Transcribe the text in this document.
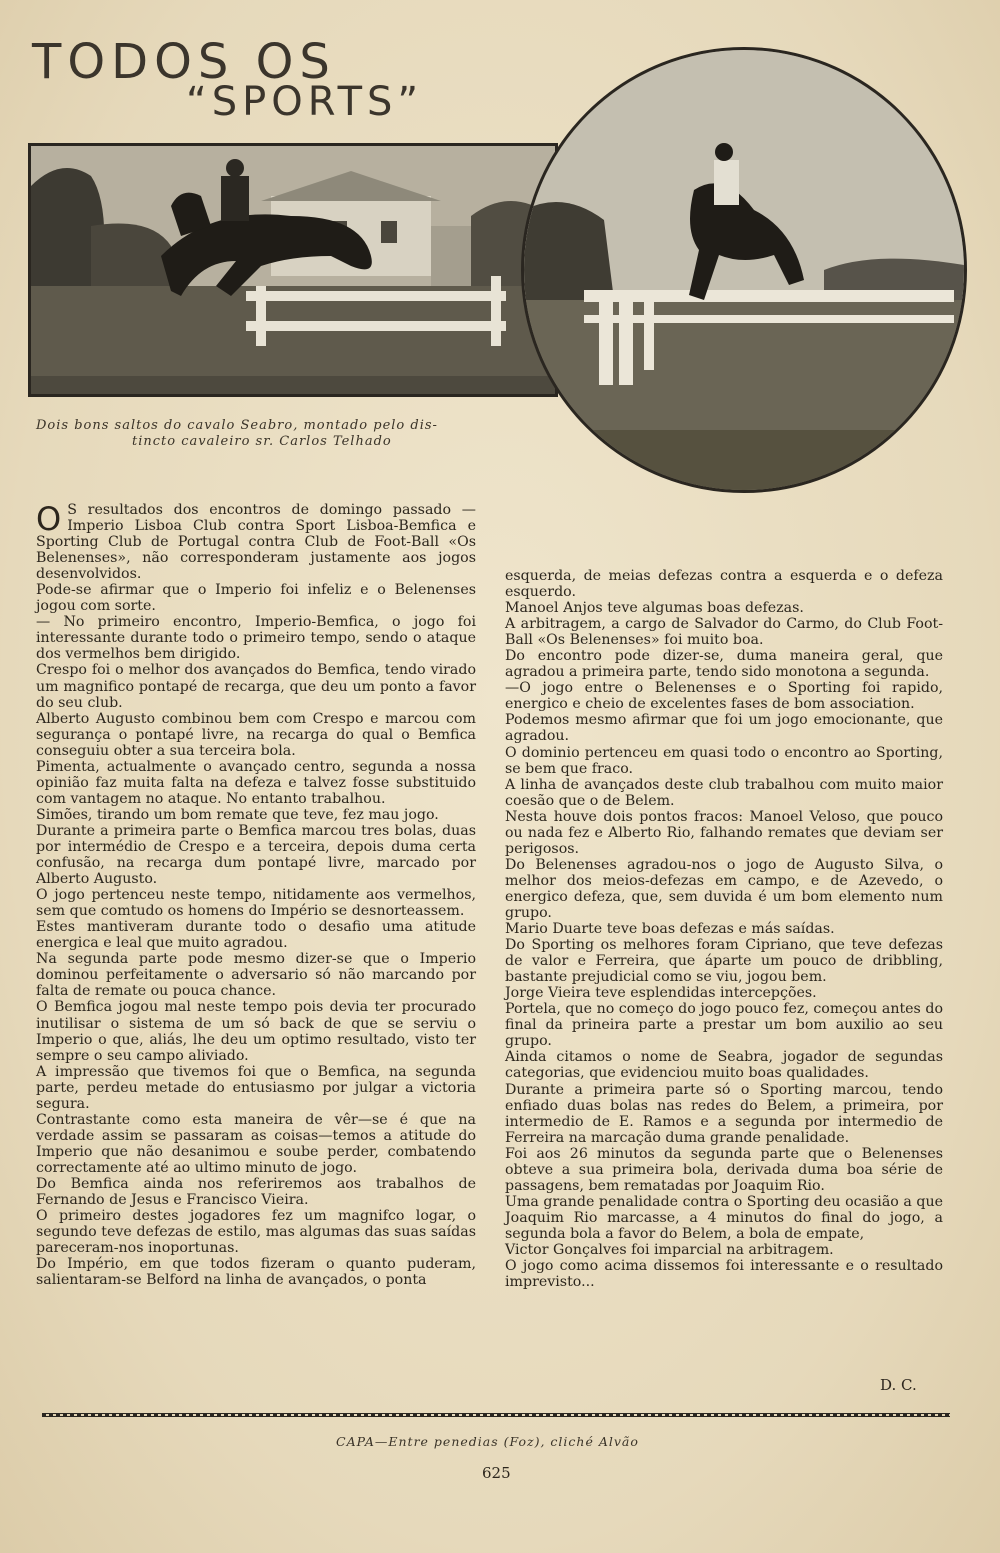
TODOS OS
“SPORTS”
Dois bons saltos do cavalo Seabro, montado pelo dis-
tincto cavaleiro sr. Carlos Telhado

O S resultados dos encontros de domingo passado — Imperio Lisboa Club contra Sport Lisboa-Bemfica e Sporting Club de Portugal contra Club de Foot-Ball «Os Belenenses», não corresponderam justamente aos jogos desenvolvidos.

Pode-se afirmar que o Imperio foi infeliz e o Belenenses jogou com sorte.

— No primeiro encontro, Imperio-Bemfica, o jogo foi interessante durante todo o primeiro tempo, sendo o ataque dos vermelhos bem dirigido.

Crespo foi o melhor dos avançados do Bemfica, tendo virado um magnifico pontapé de recarga, que deu um ponto a favor do seu club.

Alberto Augusto combinou bem com Crespo e marcou com segurança o pontapé livre, na recarga do qual o Bemfica conseguiu obter a sua terceira bola.

Pimenta, actualmente o avançado centro, segunda a nossa opinião faz muita falta na defeza e talvez fosse substituido com vantagem no ataque. No entanto trabalhou.

Simões, tirando um bom remate que teve, fez mau jogo.

Durante a primeira parte o Bemfica marcou tres bolas, duas por intermédio de Crespo e a terceira, depois duma certa confusão, na recarga dum pontapé livre, marcado por Alberto Augusto.

O jogo pertenceu neste tempo, nitidamente aos vermelhos, sem que comtudo os homens do Império se desnorteassem.

Estes mantiveram durante todo o desafio uma atitude energica e leal que muito agradou.

Na segunda parte pode mesmo dizer-se que o Imperio dominou perfeitamente o adversario só não marcando por falta de remate ou pouca chance.

O Bemfica jogou mal neste tempo pois devia ter procurado inutilisar o sistema de um só back de que se serviu o Imperio o que, aliás, lhe deu um optimo resultado, visto ter sempre o seu campo aliviado.

A impressão que tivemos foi que o Bemfica, na segunda parte, perdeu metade do entusiasmo por julgar a victoria segura.

Contrastante como esta maneira de vêr—se é que na verdade assim se passaram as coisas—temos a atitude do Imperio que não desanimou e soube perder, combatendo correctamente até ao ultimo minuto de jogo.

Do Bemfica ainda nos referiremos aos trabalhos de Fernando de Jesus e Francisco Vieira.

O primeiro destes jogadores fez um magnifco logar, o segundo teve defezas de estilo, mas algumas das suas saídas pareceram-nos inoportunas.

Do Império, em que todos fizeram o quanto puderam, salientaram-se Belford na linha de avançados, o ponta

esquerda, de meias defezas contra a esquerda e o defeza esquerdo.

Manoel Anjos teve algumas boas defezas.

A arbitragem, a cargo de Salvador do Carmo, do Club Foot-Ball «Os Belenenses» foi muito boa.

Do encontro pode dizer-se, duma maneira geral, que agradou a primeira parte, tendo sido monotona a segunda.

—O jogo entre o Belenenses e o Sporting foi rapido, energico e cheio de excelentes fases de bom association.

Podemos mesmo afirmar que foi um jogo emocionante, que agradou.

O dominio pertenceu em quasi todo o encontro ao Sporting, se bem que fraco.

A linha de avançados deste club trabalhou com muito maior coesão que o de Belem.

Nesta houve dois pontos fracos: Manoel Veloso, que pouco ou nada fez e Alberto Rio, falhando remates que deviam ser perigosos.

Do Belenenses agradou-nos o jogo de Augusto Silva, o melhor dos meios-defezas em campo, e de Azevedo, o energico defeza, que, sem duvida é um bom elemento num grupo.

Mario Duarte teve boas defezas e más saídas.

Do Sporting os melhores foram Cipriano, que teve defezas de valor e Ferreira, que áparte um pouco de dribbling, bastante prejudicial como se viu, jogou bem.

Jorge Vieira teve esplendidas intercepções.

Portela, que no começo do jogo pouco fez, começou antes do final da prineira parte a prestar um bom auxilio ao seu grupo.

Ainda citamos o nome de Seabra, jogador de segundas categorias, que evidenciou muito boas qualidades.

Durante a primeira parte só o Sporting marcou, tendo enfiado duas bolas nas redes do Belem, a primeira, por intermedio de E. Ramos e a segunda por intermedio de Ferreira na marcação duma grande penalidade.

Foi aos 26 minutos da segunda parte que o Belenenses obteve a sua primeira bola, derivada duma boa série de passagens, bem rematadas por Joaquim Rio.

Uma grande penalidade contra o Sporting deu ocasião a que Joaquim Rio marcasse, a 4 minutos do final do jogo, a segunda bola a favor do Belem, a bola de empate,

Victor Gonçalves foi imparcial na arbitragem.

O jogo como acima dissemos foi interessante e o resultado imprevisto...

D. C.
CAPA—Entre penedias (Foz), cliché Alvão
625
